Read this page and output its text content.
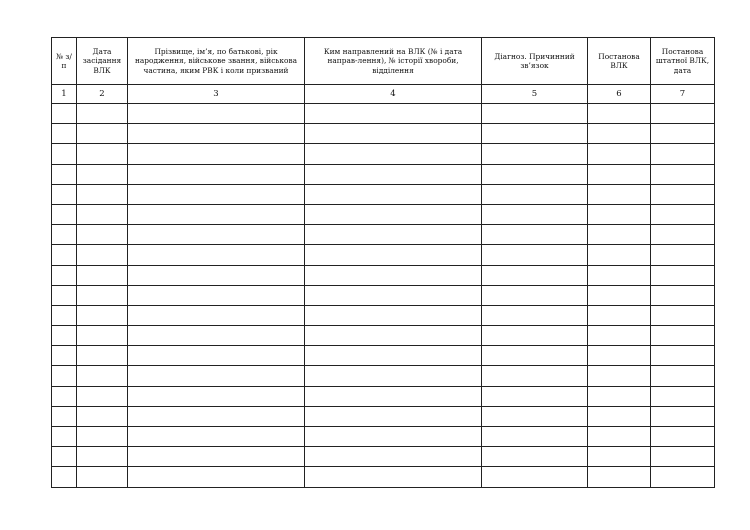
№ з/п	Дата засідання ВЛК	Прізвище, ім’я, по батькові, рік народження, військове звання, військова частина, яким РВК і коли призваний	Ким направлений на ВЛК (№ і дата направ-лення), № історії хвороби, відділення	Діагноз. Причинний зв’язок	Постанова ВЛК	Постанова штатної ВЛК, дата
1	2	3	4	5	6	7
